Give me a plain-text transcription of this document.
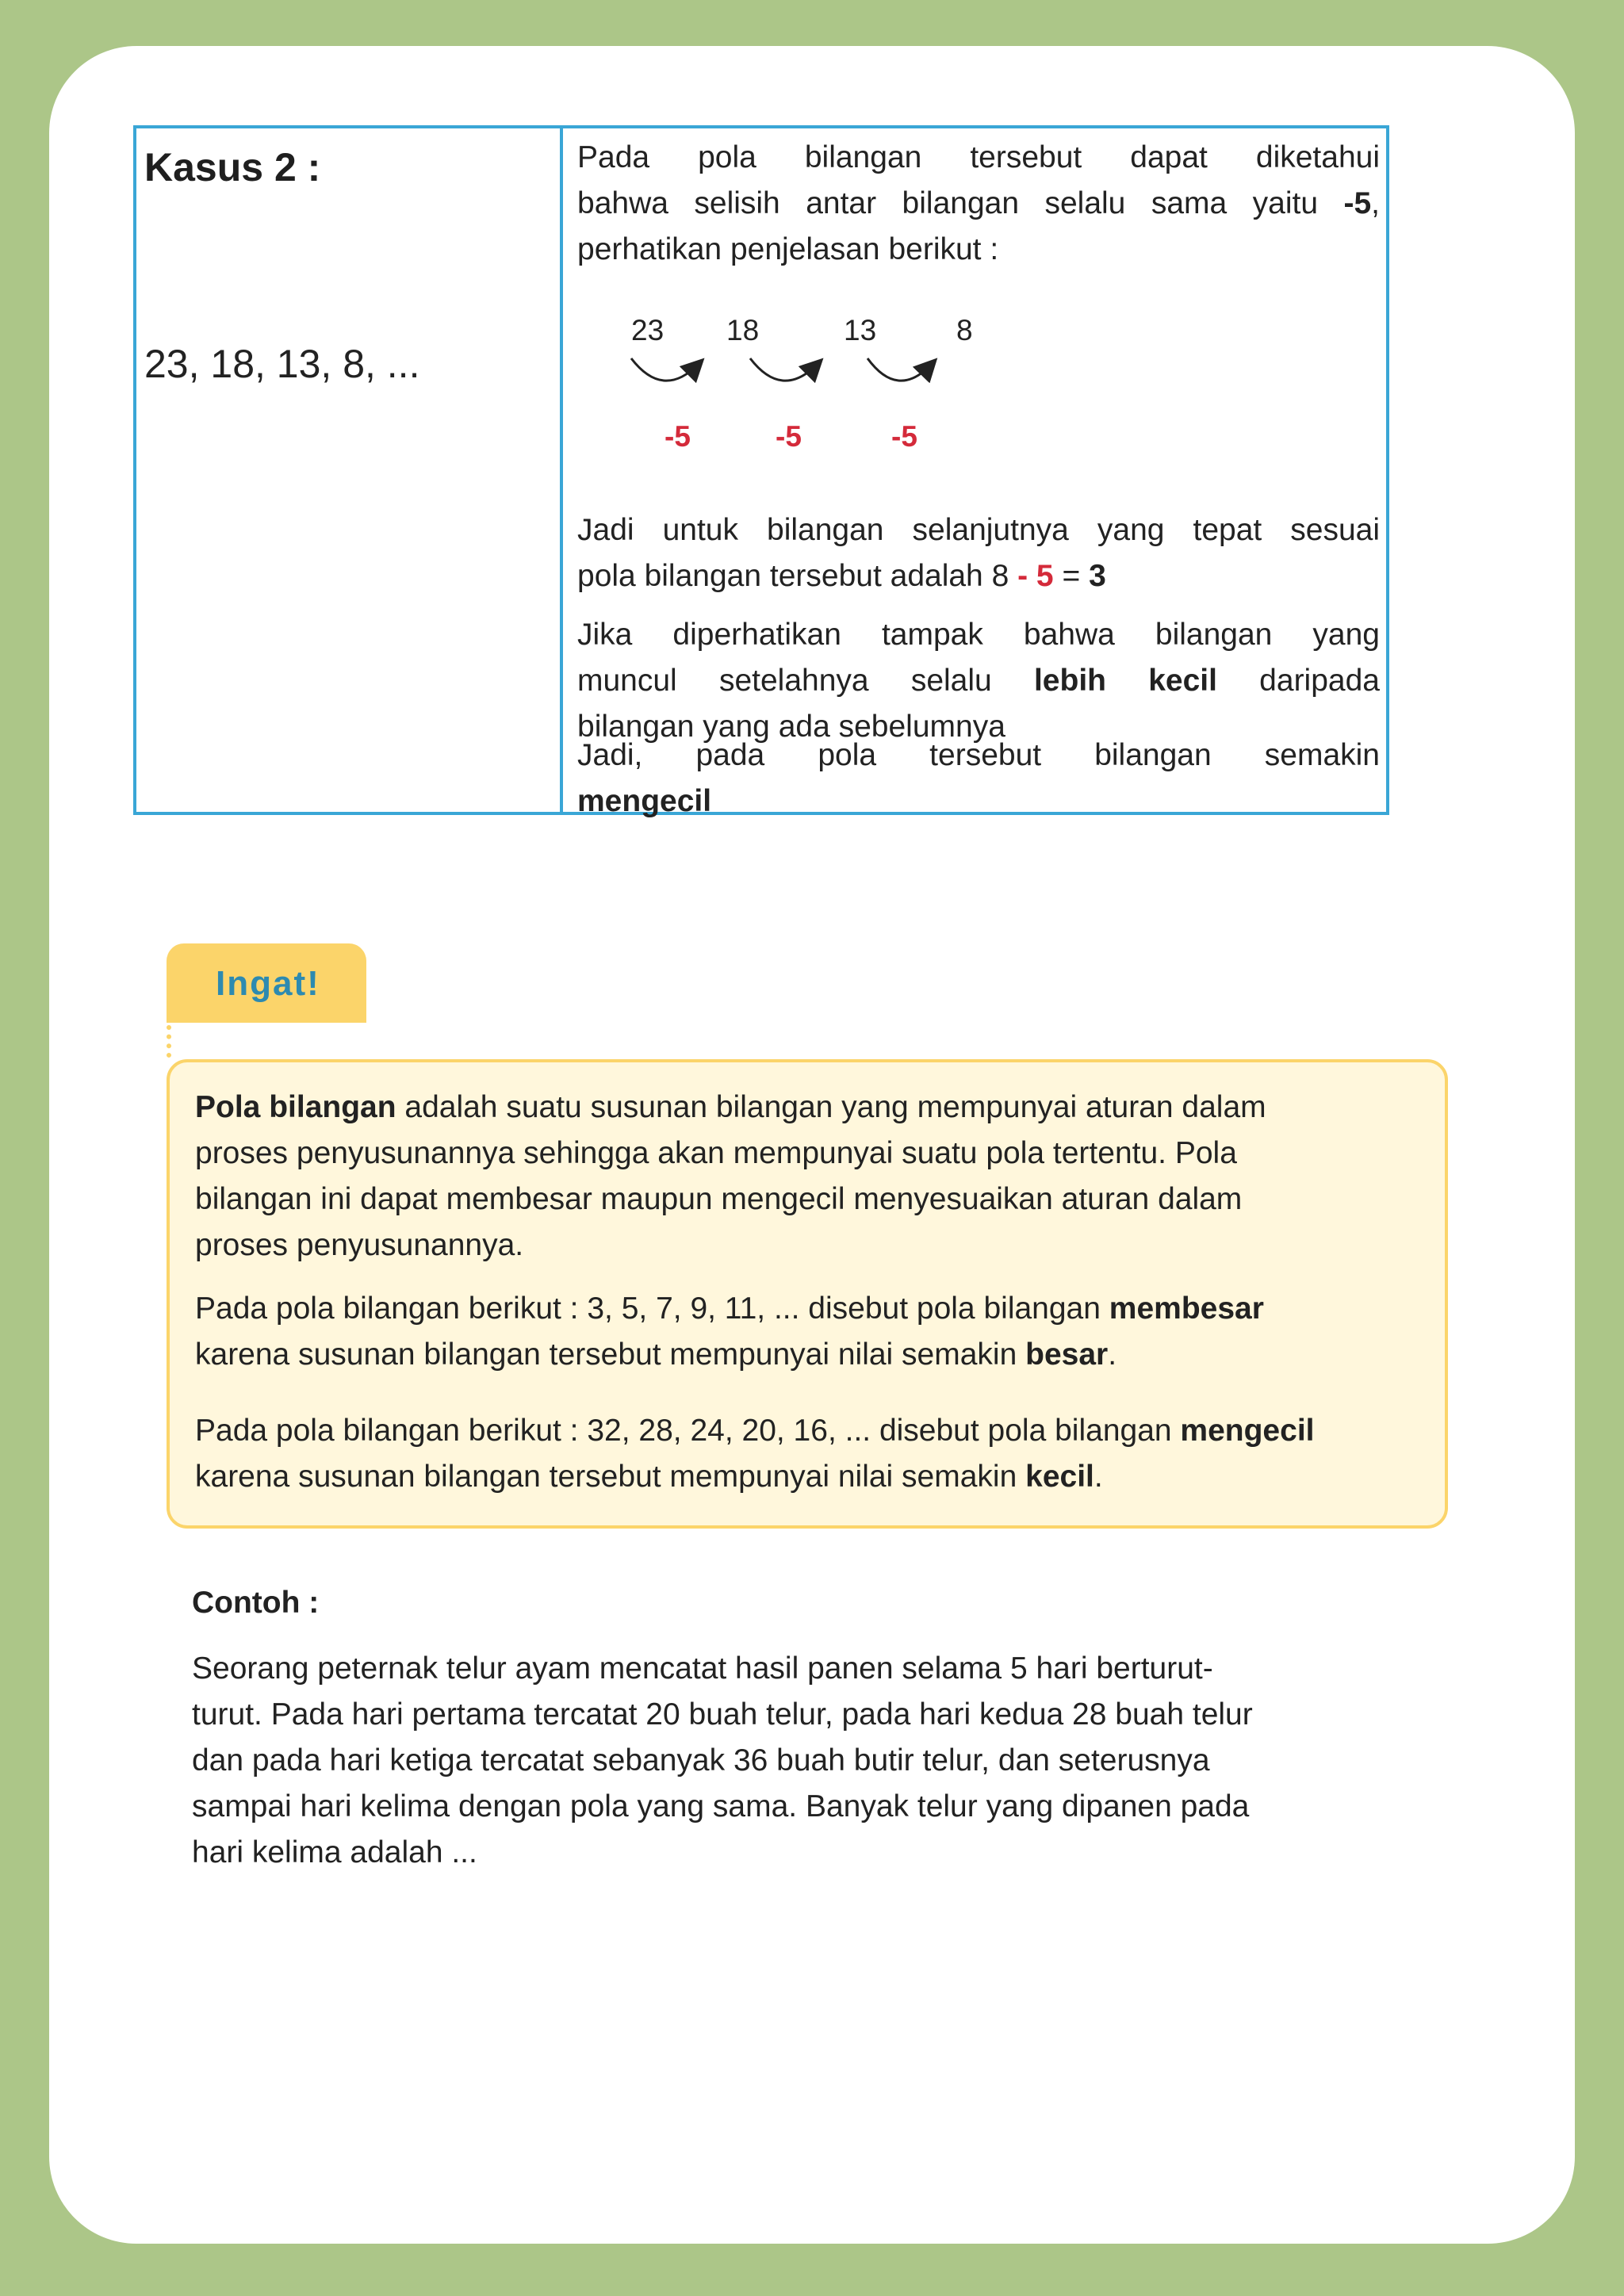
Kasus 2 :
23, 18, 13, 8, ...

Pada pola bilangan tersebut dapat diketahui

bahwa selisih antar bilangan selalu sama yaitu -5,

perhatikan penjelasan berikut :

23 18	13	8
-5	-5	-5

Jadi untuk bilangan selanjutnya yang tepat sesuai

pola bilangan tersebut adalah 8 - 5 = 3

Jika diperhatikan tampak bahwa bilangan yang

muncul setelahnya selalu lebih kecil daripada

bilangan yang ada sebelumnya

Jadi, pada pola tersebut bilangan semakin

mengecil

Ingat!

Pola bilangan adalah suatu susunan bilangan yang mempunyai aturan dalam

proses penyusunannya sehingga akan mempunyai suatu pola tertentu. Pola

bilangan ini dapat membesar maupun mengecil menyesuaikan aturan dalam

proses penyusunannya.

Pada pola bilangan berikut : 3, 5, 7, 9, 11, ... disebut pola bilangan membesar

karena susunan bilangan tersebut mempunyai nilai semakin besar.

Pada pola bilangan berikut : 32, 28, 24, 20, 16, ... disebut pola bilangan mengecil

karena susunan bilangan tersebut mempunyai nilai semakin kecil.

Contoh :

Seorang peternak telur ayam mencatat hasil panen selama 5 hari berturut-

turut. Pada hari pertama tercatat 20 buah telur, pada hari kedua 28 buah telur

dan pada hari ketiga tercatat sebanyak 36 buah butir telur, dan seterusnya

sampai hari kelima dengan pola yang sama. Banyak telur yang dipanen pada

hari kelima adalah ...
